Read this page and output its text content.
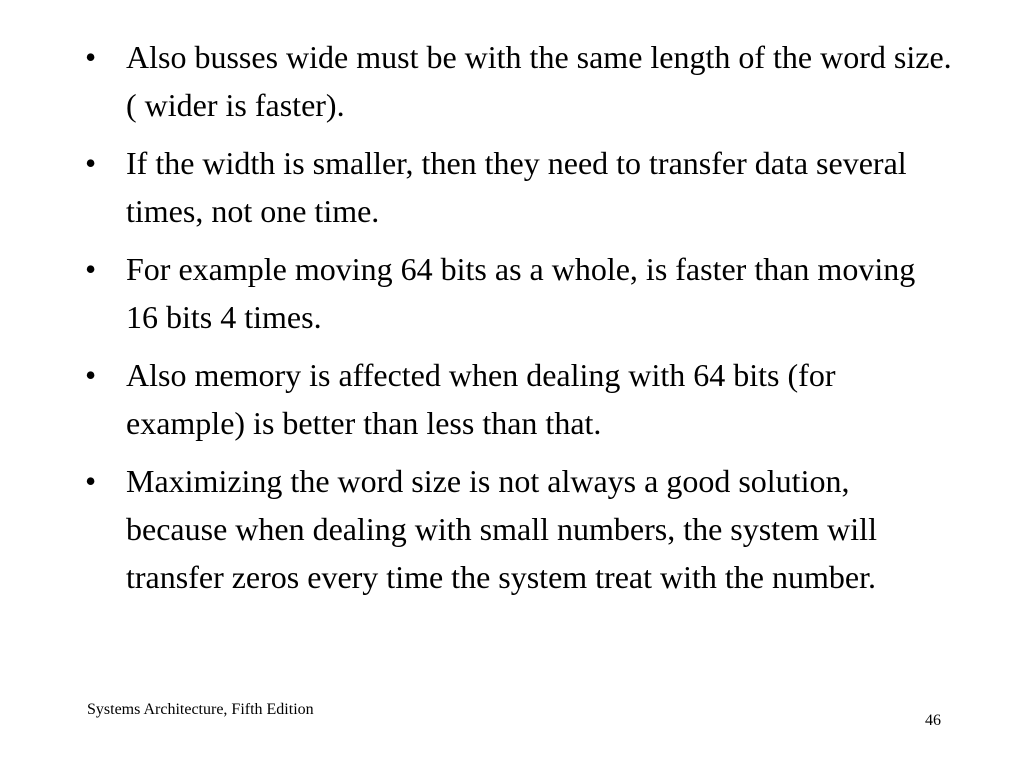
• Also busses wide must be with the same length of the word size.( wider is faster).
• If the width is smaller, then they need to transfer data several times, not one time.
• For example moving 64 bits as a whole, is faster than moving 16 bits 4 times.
• Also memory is affected when dealing with 64 bits (for example) is better than less than that.
• Maximizing the word size is not always a good solution, because when dealing with small numbers, the system will transfer zeros every time the system treat with the number.
Systems Architecture, Fifth Edition
46
